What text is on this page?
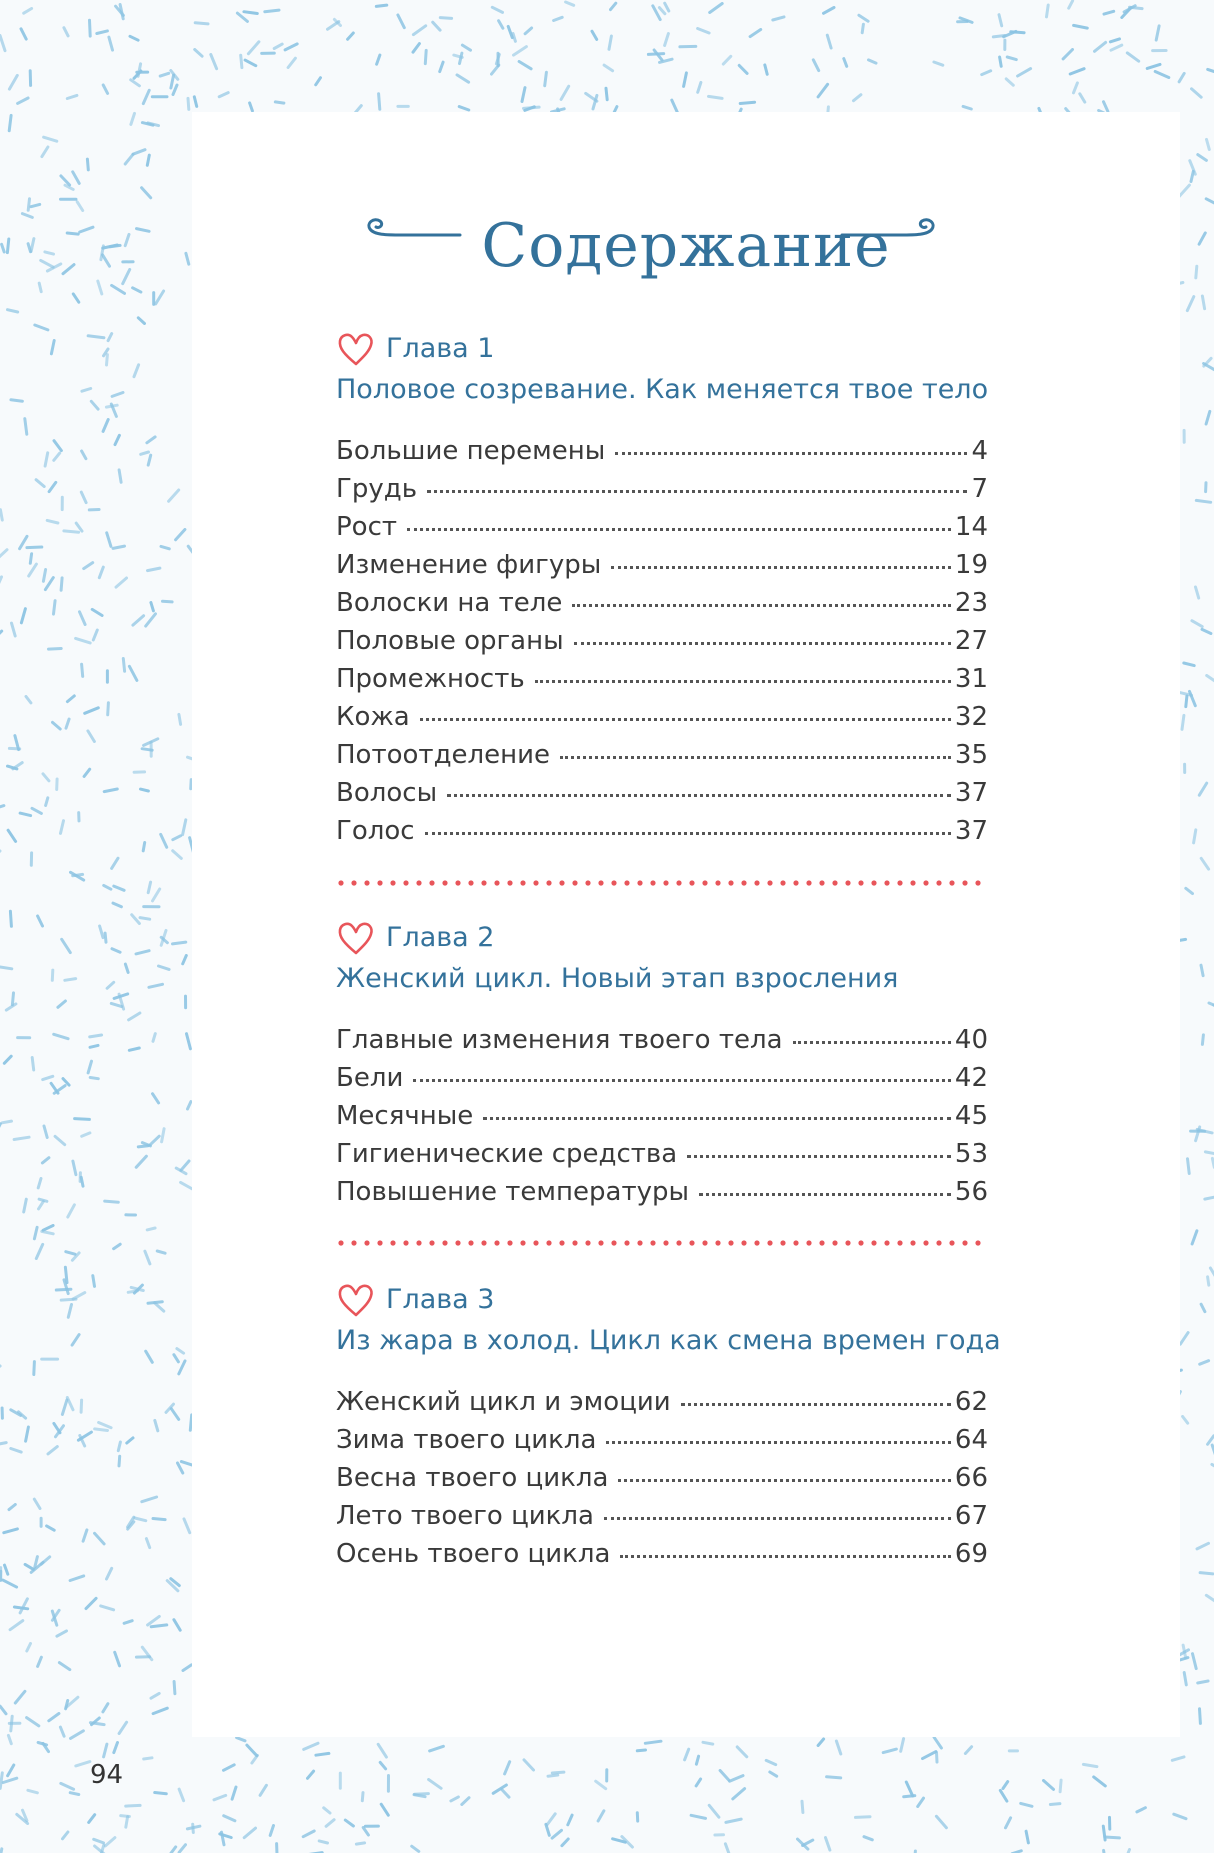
Содержание
Глава 1
Половое созревание. Как меняется твое тело
Большие перемены	4
Грудь	7
Рост	14
Изменение фигуры	19
Волоски на теле	23
Половые органы	27
Промежность	31
Кожа	32
Потоотделение	35
Волосы	37
Голос	37
Глава 2
Женский цикл. Новый этап взросления
Главные изменения твоего тела	40
Бели	42
Месячные	45
Гигиенические средства	53
Повышение температуры	56
Глава 3
Из жара в холод. Цикл как смена времен года
Женский цикл и эмоции	62
Зима твоего цикла	64
Весна твоего цикла	66
Лето твоего цикла	67
Осень твоего цикла	69
94
